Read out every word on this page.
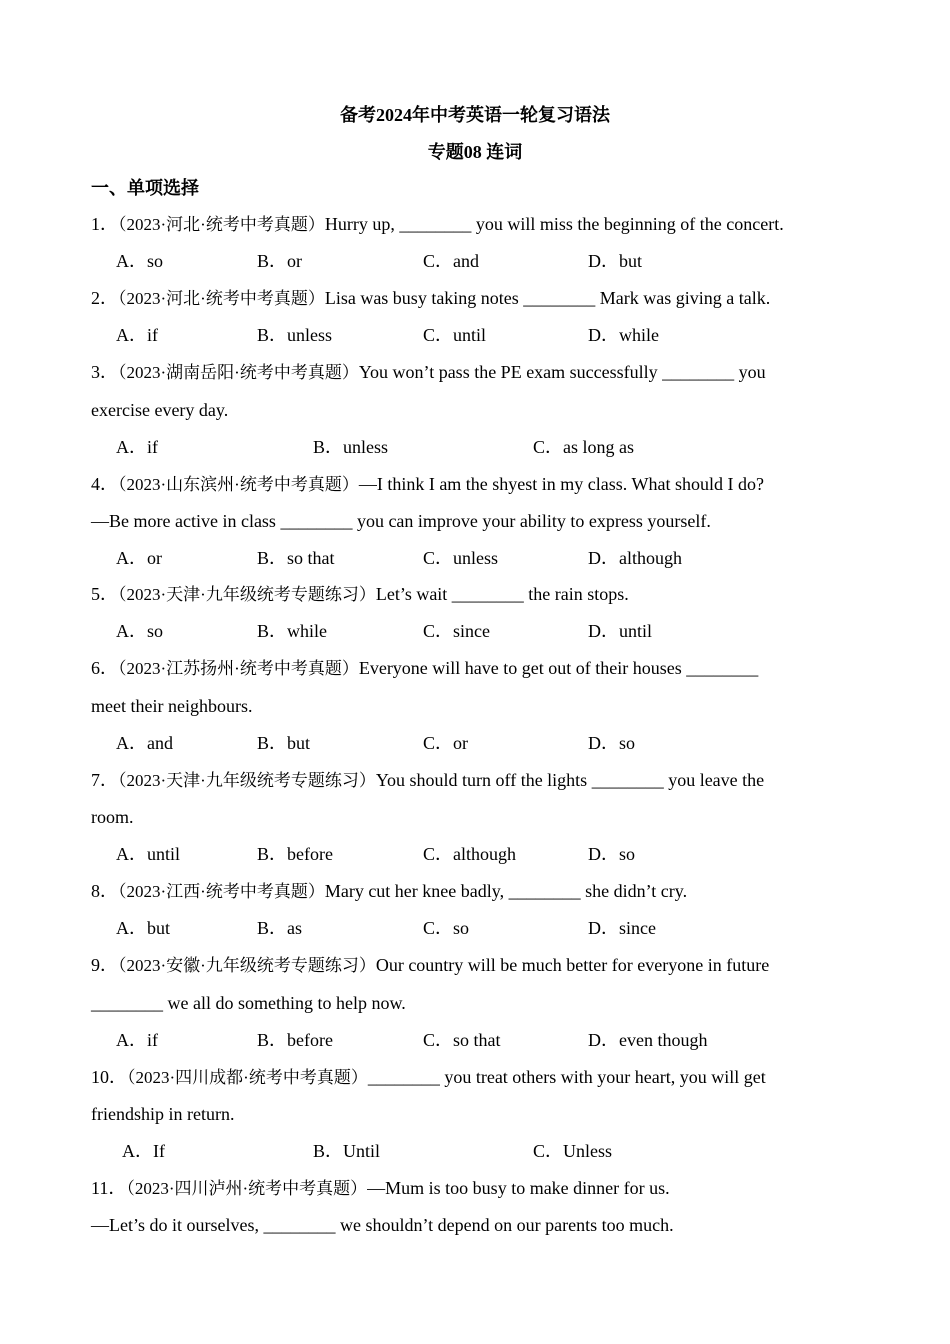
备考2024年中考英语一轮复习语法
专题08 连词
一、单项选择
1．（2023·河北·统考中考真题）Hurry up, ________ you will miss the beginning of the concert.
A．so	B．or	C．and	D．but
2．（2023·河北·统考中考真题）Lisa was busy taking notes ________ Mark was giving a talk.
A．if	B．unless	C．until	D．while
3．（2023·湖南岳阳·统考中考真题）You won’t pass the PE exam successfully ________ you
exercise every day.
A．if	B．unless	C．as long as
4．（2023·山东滨州·统考中考真题）—I think I am the shyest in my class. What should I do?
—Be more active in class ________ you can improve your ability to express yourself.
A．or	B．so that	C．unless	D．although
5．（2023·天津·九年级统考专题练习）Let’s wait ________ the rain stops.
A．so	B．while	C．since	D．until
6．（2023·江苏扬州·统考中考真题）Everyone will have to get out of their houses ________
meet their neighbours.
A．and	B．but	C．or	D．so
7．（2023·天津·九年级统考专题练习）You should turn off the lights ________ you leave the
room.
A．until	B．before	C．although	D．so
8．（2023·江西·统考中考真题）Mary cut her knee badly, ________ she didn’t cry.
A．but	B．as	C．so	D．since
9．（2023·安徽·九年级统考专题练习）Our country will be much better for everyone in future
________ we all do something to help now.
A．if	B．before	C．so that	D．even though
10．（2023·四川成都·统考中考真题）________ you treat others with your heart, you will get
friendship in return.
A．If	B．Until	C．Unless
11．（2023·四川泸州·统考中考真题）—Mum is too busy to make dinner for us.
—Let’s do it ourselves, ________ we shouldn’t depend on our parents too much.
